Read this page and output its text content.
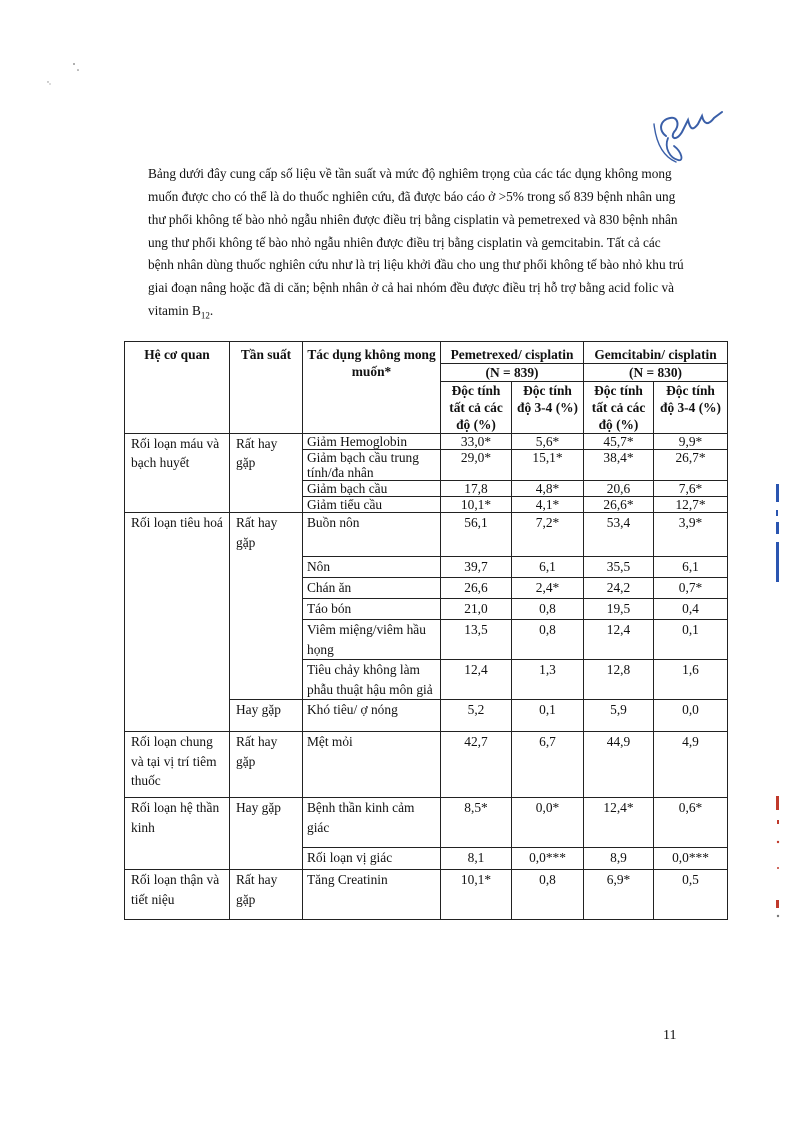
Bảng dưới đây cung cấp số liệu về tần suất và mức độ nghiêm trọng của các tác dụng không mong muốn được cho có thể là do thuốc nghiên cứu, đã được báo cáo ở >5% trong số 839 bệnh nhân ung thư phổi không tế bào nhỏ ngẫu nhiên được điều trị bằng cisplatin và pemetrexed và 830 bệnh nhân ung thư phổi không tế bào nhỏ ngẫu nhiên được điều trị bằng cisplatin và gemcitabin. Tất cả các bệnh nhân dùng thuốc nghiên cứu như là trị liệu khởi đầu cho ung thư phổi không tế bào nhỏ khu trú giai đoạn nâng hoặc đã di căn; bệnh nhân ở cả hai nhóm đều được điều trị hỗ trợ bằng acid folic và vitamin $B_{12}$.

Hệ cơ quan	Tần suất	Tác dụng không mong muốn*	Pemetrexed/ cisplatin		Gemcitabin/ cisplatin	
			(N = 839)		(N = 830)	
			Độc tính tất cả các độ (%)	Độc tính độ 3-4 (%)	Độc tính tất cả các độ (%)	Độc tính độ 3-4 (%)
Rối loạn máu và bạch huyết	Rất hay gặp	Giảm Hemoglobin	33,0*	5,6*	45,7*	9,9*
		Giảm bạch cầu trung tính/đa nhân	29,0*	15,1*	38,4*	26,7*
		Giảm bạch cầu	17,8	4,8*	20,6	7,6*
		Giảm tiểu cầu	10,1*	4,1*	26,6*	12,7*
Rối loạn tiêu hoá	Rất hay gặp	Buồn nôn	56,1	7,2*	53,4	3,9*
		Nôn	39,7	6,1	35,5	6,1
		Chán ăn	26,6	2,4*	24,2	0,7*
		Táo bón	21,0	0,8	19,5	0,4
		Viêm miệng/viêm hầu họng	13,5	0,8	12,4	0,1
		Tiêu chảy không làm phẫu thuật hậu môn giả	12,4	1,3	12,8	1,6
	Hay gặp	Khó tiêu/ ợ nóng	5,2	0,1	5,9	0,0
Rối loạn chung và tại vị trí tiêm thuốc	Rất hay gặp	Mệt mỏi	42,7	6,7	44,9	4,9
Rối loạn hệ thần kinh	Hay gặp	Bệnh thần kinh cảm giác	8,5*	0,0*	12,4*	0,6*
		Rối loạn vị giác	8,1	0,0***	8,9	0,0***
Rối loạn thận và tiết niệu	Rất hay gặp	Tăng Creatinin	10,1*	0,8	6,9*	0,5
11
